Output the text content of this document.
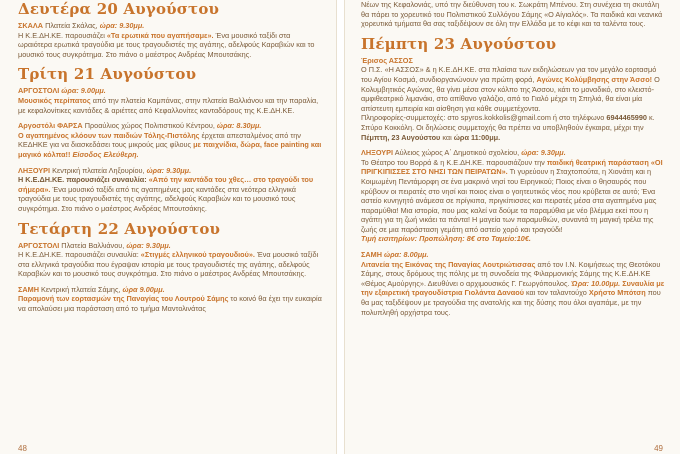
Δευτέρα 20 Αυγούστου

ΣΚΑΛΑ Πλατεία Σκάλας, ώρα: 9.30μμ.

Η Κ.Ε.ΔΗ.ΚΕ. παρουσιάζει «Τα ερωτικά που αγαπήσαμε». Ένα μουσικό ταξίδι στα ωραιότερα ερωτικά τραγούδια με τους τραγουδιστές της αγάπης, αδελφούς Καραβιών και το μουσικό τους συγκρότημα. Στο πιάνο ο μαέστρος Ανδρέας Μπουτσάκης.

Τρίτη 21 Αυγούστου

ΑΡΓΟΣΤΟΛΙ ώρα: 9.00μμ.

Μουσικός περίπατος από την πλατεία Καμπάνας, στην πλατεία Βαλλιάνου και την παραλία, με κεφαλονίτικες καντάδες & αριέττες από Κεφαλλονίτες κανταδόρους της Κ.Ε.ΔΗ.ΚΕ.

Αργοστόλι ΦΑΡΣΑ Προαύλιος χώρος Πολιτιστικού Κέντρου, ώρα: 8.30μμ.

Ο αγαπημένος κλόουν των παιδιών Τόλης-Πιστόλης έρχεται απεσταλμένος από την ΚΕΔΗΚΕ για να διασκεδάσει τους μικρούς μας φίλους με παιχνίδια, δώρα, face painting και μαγικό κόλπα!! Είσοδος Ελεύθερη.

ΛΗΞΟΥΡΙ Κεντρική πλατεία Ληξουρίου, ώρα: 9.30μμ.

Η Κ.Ε.ΔΗ.ΚΕ. παρουσιάζει συναυλία: «Από την καντάδα του χθες… στο τραγούδι του σήμερα». Ένα μουσικό ταξίδι από τις αγαπημένες μας καντάδες στα νεότερα ελληνικά τραγούδια με τους τραγουδιστές της αγάπης, αδελφούς Καραβιών και το μουσικό τους συγκρότημα. Στο πιάνο ο μαέστρος Ανδρέας Μπουτσάκης.

Τετάρτη 22 Αυγούστου

ΑΡΓΟΣΤΟΛΙ Πλατεία Βαλλιάνου, ώρα: 9.30μμ.

Η Κ.Ε.ΔΗ.ΚΕ. παρουσιάζει συναυλία: «Στιγμές ελληνικού τραγουδιού». Ένα μουσικό ταξίδι στα ελληνικά τραγούδια που έγραψαν ιστορία με τους τραγουδιστές της αγάπης, αδελφούς Καραβιών και το μουσικό τους συγκρότημα. Στο πιάνο ο μαέστρος Ανδρέας Μπουτσάκης.

ΣΑΜΗ Κεντρική πλατεία Σάμης, ώρα 9.00μμ.

Παραμονή των εορτασμών της Παναγίας του Λουτρού Σάμης το κοινό θα έχει την ευκαιρία να απολαύσει μια παράσταση από το τμήμα Μαντολινάτας

48

Νέων της Κεφαλονιάς, υπό την διεύθυνση του κ. Σωκράτη Μπένου. Στη συνέχεια τη σκυτάλη θα πάρει το χορευτικό του Πολιτιστικού Συλλόγου Σάμης «Ο Αίγιαλός». Τα παιδικά και νεανικά χορευτικά τμήματα θα σας ταξιδέψουν σε όλη την Ελλάδα με το κέφι και τα ταλέντα τους.

Πέμπτη 23 Αυγούστου

Έρισος ΑΣΣΟΣ

Ο Π.Σ. «Η ΑΣΣΟΣ» & η Κ.Ε.ΔΗ.ΚΕ. στα πλαίσια των εκδηλώσεων για τον μεγάλο εορτασμό του Αγίου Κοσμά, συνδιοργανώνουν για πρώτη φορά, Αγώνες Κολύμβησης στην Άσσο! Ο Κολυμβητικός Αγώνας, θα γίνει μέσα στον κόλπο της Άσσου, κάτι το μοναδικό, στο κλειστό-αμφιθεατρικό λιμανάκι, στο απίθανο γαλάζιο, από το Γιαλό μέχρι τη Σπηλιά, θα είναι μία απίστευτη εμπειρία και αίσθηση για κάθε συμμετέχοντα.

Πληροφορίες-συμμετοχές: στο spyros.kokkolis@gmail.com ή στο τηλέφωνο 6944465990 κ. Σπύρο Κοκκόλη. Οι δηλώσεις συμμετοχής θα πρέπει να υποβληθούν έγκαιρα, μέχρι την Πέμπτη, 23 Αυγούστου και ώρα 11:00μμ.

ΛΗΞΟΥΡΙ Αύλειος χώρος Α΄ Δημοτικού σχολείου, ώρα: 9.30μμ.

Το Θέατρο του Βορρά & η Κ.Ε.ΔΗ.ΚΕ. παρουσιάζουν την παιδική θεατρική παράσταση «ΟΙ ΠΡΙΓΚΙΠΙΣΣΕΣ ΣΤΟ ΝΗΣΙ ΤΩΝ ΠΕΙΡΑΤΩΝ». Τι γυρεύουν η Σταχτοπούτα, η Χιονάτη και η Κοιμωμένη Πεντάμορφη σε ένα μακρινό νησί του Ειρηνικού; Ποιος είναι ο θησαυρός που κρύβουν οι πειρατές στο νησί και ποιος είναι ο γοητευτικός νέος που κρύβεται σε αυτό; Ένα αστείο κυνηγητό ανάμεσα σε πρίγκιπα, πριγκίπισσες και πειρατές μέσα στα αγαπημένα μας παραμύθια! Μια ιστορία, που μας καλεί να δούμε τα παραμύθια με νέο βλέμμα εκεί που η αγάπη για τη ζωή νικάει τα πάντα! Η μαγεία των παραμυθιών, συναντά τη μαγική τρέλα της ζωής σε μια παράσταση γεμάτη από αστείο χορό και τραγούδι!

Τιμή εισιτηρίων: Προπώληση: 8€ στο Ταμείο:10€.

ΣΑΜΗ ώρα: 8.00μμ.

Λιτανεία της Εικόνας της Παναγίας Λουτριώτισσας από τον Ι.Ν. Κοιμήσεως της Θεοτόκου Σάμης, στους δρόμους της πόλης με τη συνοδεία της Φιλαρμονικής Σάμης της Κ.Ε.ΔΗ.ΚΕ «Θέμος Αμούργης». Διευθύνει ο αρχιμουσικός Γ. Γεωργόπουλος. Ώρα: 10.00μμ. Συναυλία με την εξαιρετική τραγουδίστρια Γιολάντα Δαναού και τον ταλαντούχο Χρήστο Μπότση που θα μας ταξιδέψουν με τραγούδια της ανατολής και της δύσης που όλοι αγαπάμε, με την πολυπληθή ορχήστρα τους.

49
